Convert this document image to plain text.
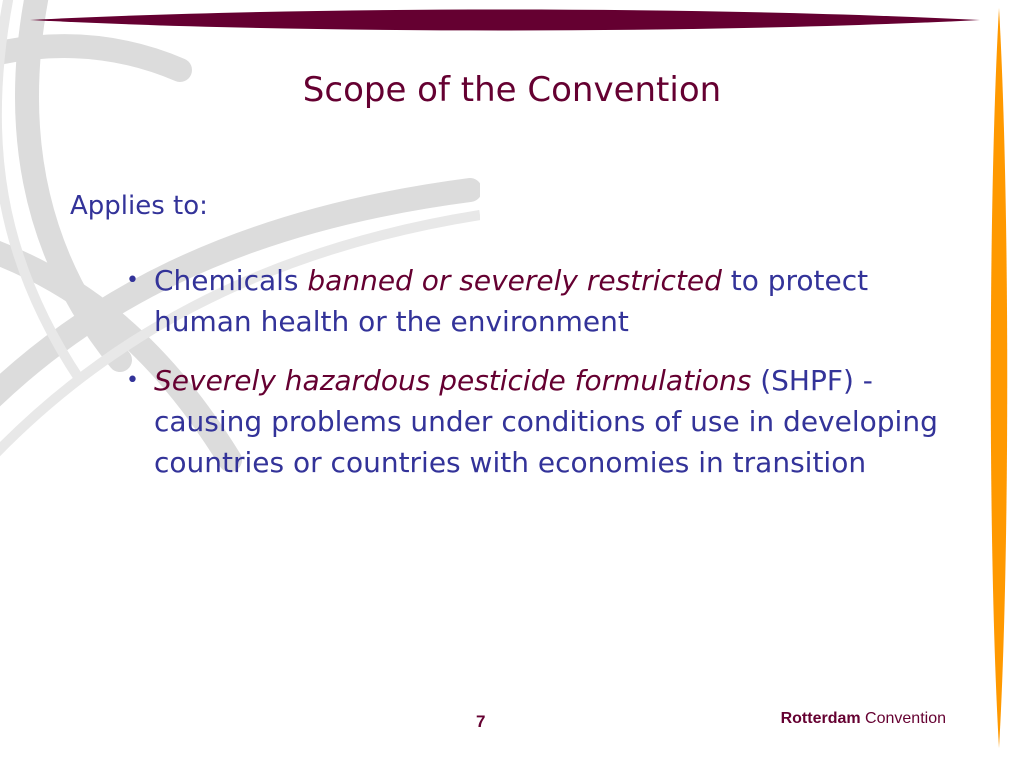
Scope of the Convention
Applies to:
• Chemicals banned or severely restricted to protect human health or the environment
• Severely hazardous pesticide formulations (SHPF) - causing problems under conditions of use in developing countries or countries with economies in transition
7	Rotterdam Convention
